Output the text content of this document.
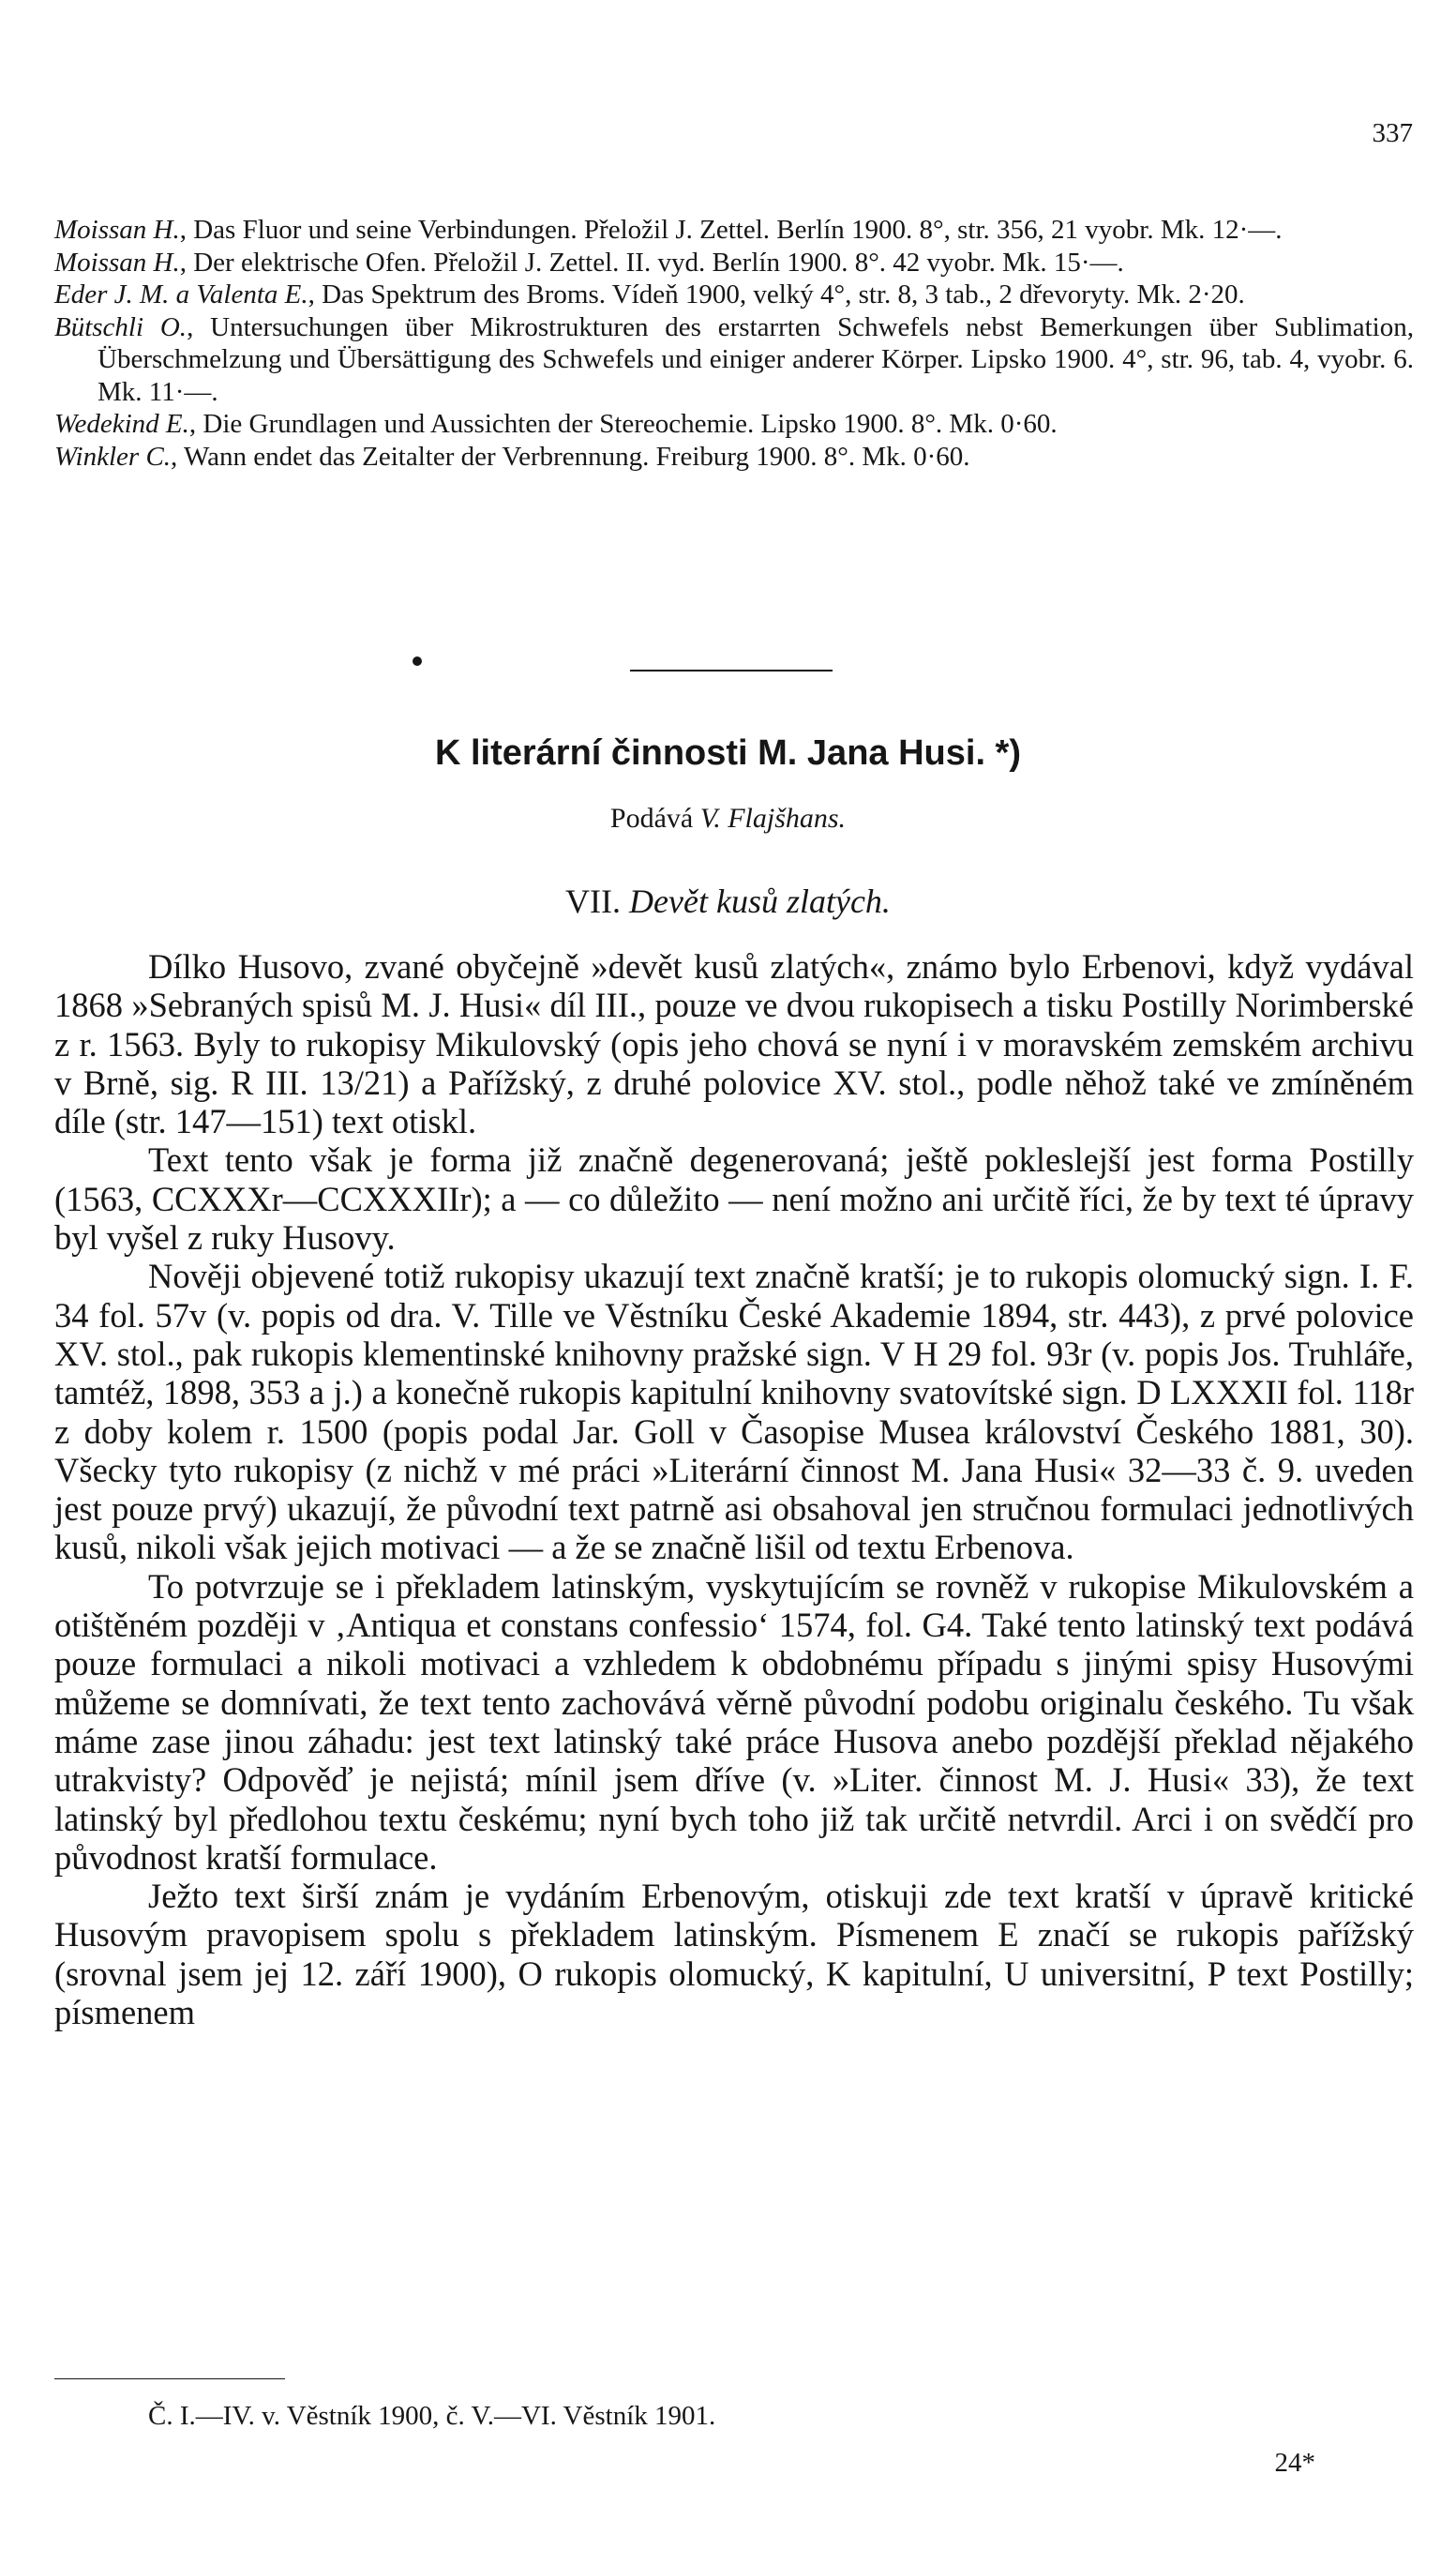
337

Moissan H., Das Fluor und seine Verbindungen. Přeložil J. Zettel. Berlín 1900. 8°, str. 356, 21 vyobr. Mk. 12·—.

Moissan H., Der elektrische Ofen. Přeložil J. Zettel. II. vyd. Berlín 1900. 8°. 42 vyobr. Mk. 15·—.

Eder J. M. a Valenta E., Das Spektrum des Broms. Vídeň 1900, velký 4°, str. 8, 3 tab., 2 dřevoryty. Mk. 2·20.

Bütschli O., Untersuchungen über Mikrostrukturen des erstarrten Schwefels nebst Bemerkungen über Sublimation, Überschmelzung und Übersättigung des Schwefels und einiger anderer Körper. Lipsko 1900. 4°, str. 96, tab. 4, vyobr. 6. Mk. 11·—.

Wedekind E., Die Grundlagen und Aussichten der Stereochemie. Lipsko 1900. 8°. Mk. 0·60.

Winkler C., Wann endet das Zeitalter der Verbrennung. Freiburg 1900. 8°. Mk. 0·60.

K literární činnosti M. Jana Husi. *)
Podává V. Flajšhans.
VII. Devět kusů zlatých.

Dílko Husovo, zvané obyčejně »devět kusů zlatých«, známo bylo Erbenovi, když vydával 1868 »Sebraných spisů M. J. Husi« díl III., pouze ve dvou rukopisech a tisku Postilly Norimberské z r. 1563. Byly to rukopisy Mikulovský (opis jeho chová se nyní i v moravském zemském archivu v Brně, sig. R III. 13/21) a Pařížský, z druhé polovice XV. stol., podle něhož také ve zmíněném díle (str. 147—151) text otiskl.

Text tento však je forma již značně degenerovaná; ještě pokleslejší jest forma Postilly (1563, CCXXXr—CCXXXIIr); a — co důležito — není možno ani určitě říci, že by text té úpravy byl vyšel z ruky Husovy.

Nověji objevené totiž rukopisy ukazují text značně kratší; je to rukopis olomucký sign. I. F. 34 fol. 57v (v. popis od dra. V. Tille ve Věstníku České Akademie 1894, str. 443), z prvé polovice XV. stol., pak rukopis klementinské knihovny pražské sign. V H 29 fol. 93r (v. popis Jos. Truhláře, tamtéž, 1898, 353 a j.) a konečně rukopis kapitulní knihovny svatovítské sign. D LXXXII fol. 118r z doby kolem r. 1500 (popis podal Jar. Goll v Časopise Musea království Českého 1881, 30). Všecky tyto rukopisy (z nichž v mé práci »Literární činnost M. Jana Husi« 32—33 č. 9. uveden jest pouze prvý) ukazují, že původní text patrně asi obsahoval jen stručnou formulaci jednotlivých kusů, nikoli však jejich motivaci — a že se značně lišil od textu Erbenova.

To potvrzuje se i překladem latinským, vyskytujícím se rovněž v rukopise Mikulovském a otištěném později v ‚Antiqua et constans confessio‘ 1574, fol. G4. Také tento latinský text podává pouze formulaci a nikoli motivaci a vzhledem k obdobnému případu s jinými spisy Husovými můžeme se domnívati, že text tento zachovává věrně původní podobu originalu českého. Tu však máme zase jinou záhadu: jest text latinský také práce Husova anebo pozdější překlad nějakého utrakvisty? Odpověď je nejistá; mínil jsem dříve (v. »Liter. činnost M. J. Husi« 33), že text latinský byl předlohou textu českému; nyní bych toho již tak určitě netvrdil. Arci i on svědčí pro původnost kratší formulace.

Ježto text širší znám je vydáním Erbenovým, otiskuji zde text kratší v úpravě kritické Husovým pravopisem spolu s překladem latinským. Písmenem E značí se rukopis pařížský (srovnal jsem jej 12. září 1900), O rukopis olomucký, K kapitulní, U universitní, P text Postilly; písmenem

Č. I.—IV. v. Věstník 1900, č. V.—VI. Věstník 1901.
24*
